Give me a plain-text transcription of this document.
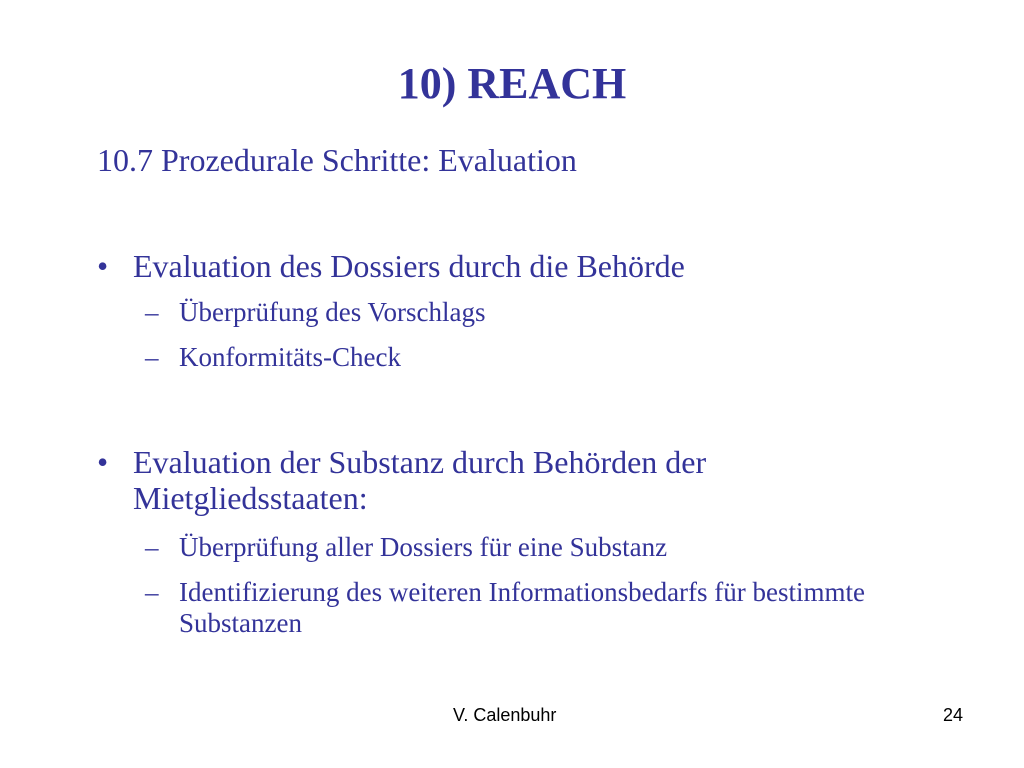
10) REACH
10.7 Prozedurale Schritte: Evaluation
• Evaluation des Dossiers durch die Behörde
– Überprüfung des Vorschlags
– Konformitäts-Check
• Evaluation der Substanz durch Behörden der Mietgliedsstaaten:
– Überprüfung aller Dossiers für eine Substanz
– Identifizierung des weiteren Informationsbedarfs für bestimmte Substanzen
V. Calenbuhr	24
